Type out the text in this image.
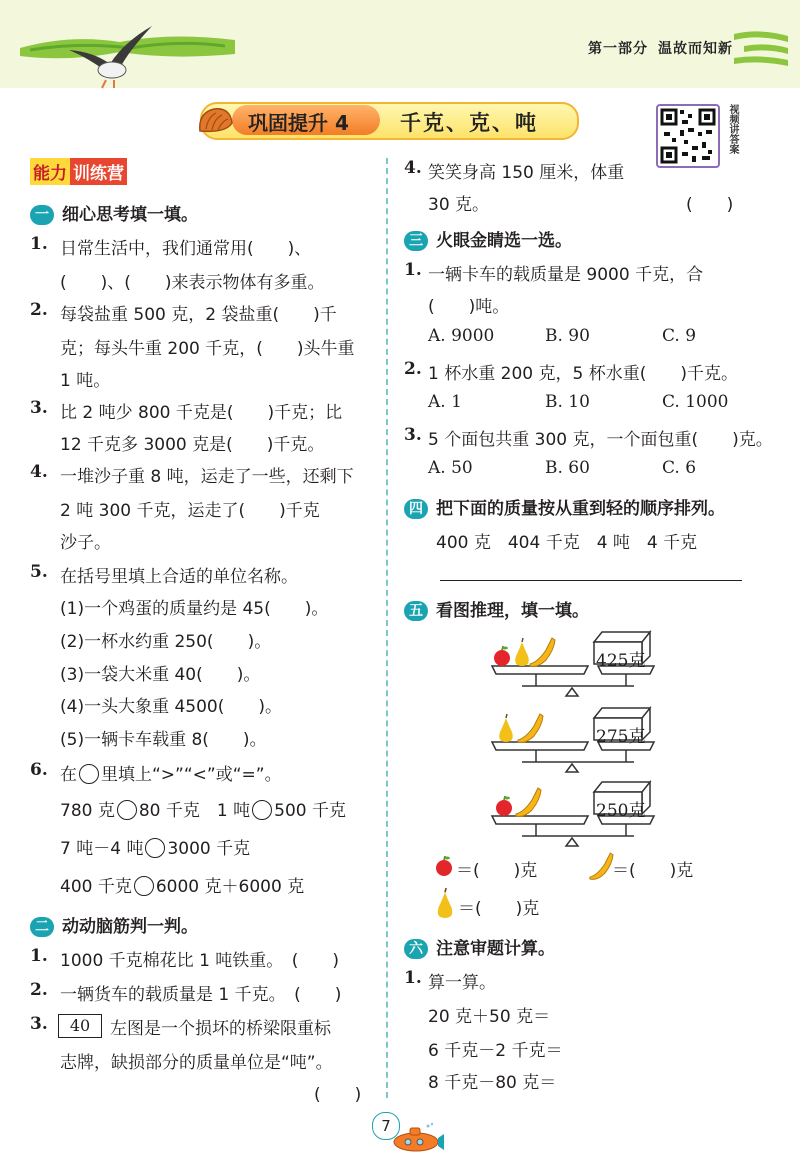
第一部分 温故而知新
巩固提升 4 千克、克、吨	视频讲答案
能力 训练营
一 细心思考填一填。
1. 日常生活中，我们通常用(　　)、
(　　)、(　　)来表示物体有多重。
2. 每袋盐重 500 克，2 袋盐重(　　)千
克；每头牛重 200 千克，(　　)头牛重
1 吨。
3. 比 2 吨少 800 千克是(　　)千克；比
12 千克多 3000 克是(　　)千克。
4. 一堆沙子重 8 吨，运走了一些，还剩下
2 吨 300 千克，运走了(　　)千克
沙子。
5. 在括号里填上合适的单位名称。
(1)一个鸡蛋的质量约是 45(　　)。
(2)一杯水约重 250(　　)。
(3)一袋大米重 40(　　)。
(4)一头大象重 4500(　　)。
(5)一辆卡车载重 8(　　)。
6. 在 里填上“>”“<”或“=”。
780 克 80 千克　1 吨 500 千克
7 吨－4 吨 3000 千克
400 千克 6000 克＋6000 克
二 动动脑筋判一判。
1. 1000 千克棉花比 1 吨铁重。　(　　)
2. 一辆货车的载质量是 1 千克。　(　　)
3.	40	左图是一个损坏的桥梁限重标
志牌，缺损部分的质量单位是“吨”。
(　　)
4. 笑笑身高 150 厘米，体重
30 克。	(　　)
三 火眼金睛选一选。
1. 一辆卡车的载质量是 9000 千克，合
(　　)吨。
A. 9000	B. 90	C. 9
2. 1 杯水重 200 克，5 杯水重(　　)千克。
A. 1	B. 10	C. 1000
3. 5 个面包共重 300 克，一个面包重(　　)克。
A. 50	B. 60	C. 6
四 把下面的质量按从重到轻的顺序排列。
400 克　404 千克　4 吨　4 千克
五 看图推理，填一填。
425克
275克
250克
＝(　　)克	＝(　　)克
＝(　　)克
六 注意审题计算。
1. 算一算。
20 克＋50 克＝
6 千克－2 千克＝
8 千克－80 克＝
7
